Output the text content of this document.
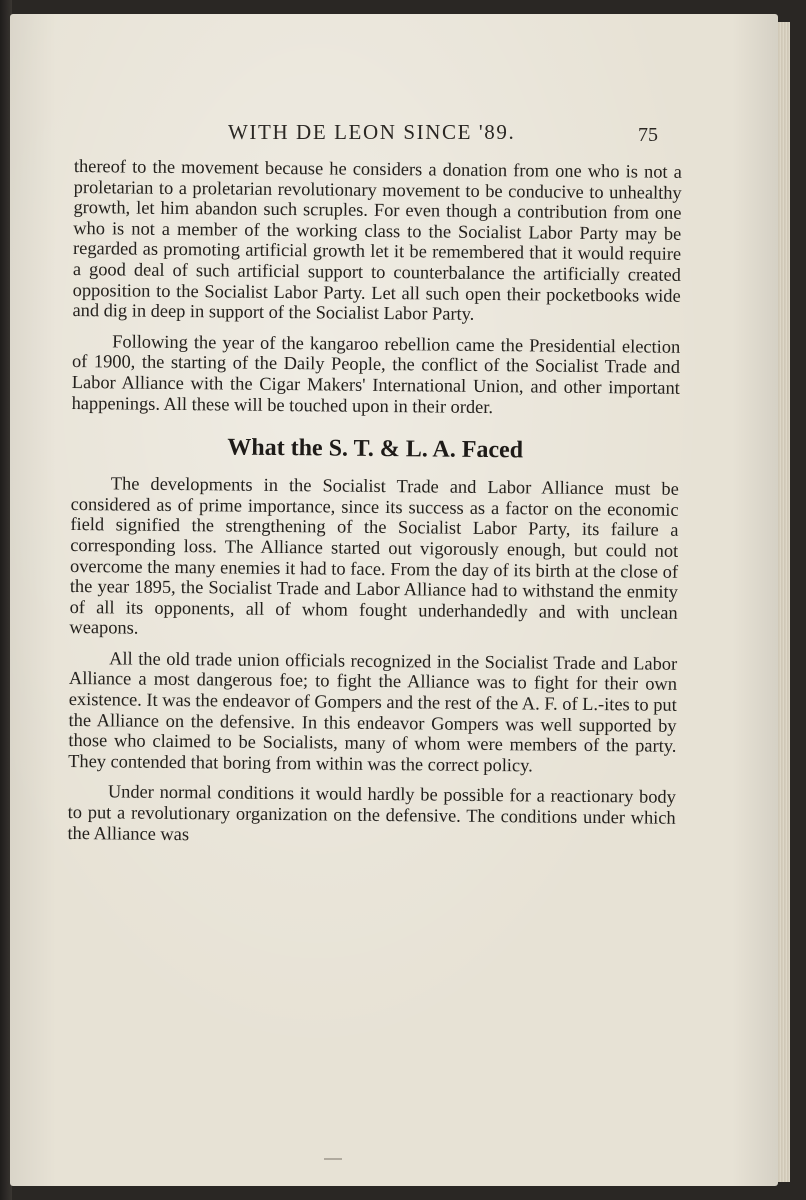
WITH DE LEON SINCE '89.	75

thereof to the movement because he considers a donation from one who is not a proletarian to a proletarian revolutionary movement to be conducive to unhealthy growth, let him abandon such scruples. For even though a contribution from one who is not a member of the working class to the Socialist Labor Party may be regarded as promoting artificial growth let it be remembered that it would require a good deal of such artificial support to counterbalance the artificially created opposition to the Socialist Labor Party. Let all such open their pocketbooks wide and dig in deep in support of the Socialist Labor Party.

Following the year of the kangaroo rebellion came the Presidential election of 1900, the starting of the Daily People, the conflict of the Socialist Trade and Labor Alliance with the Cigar Makers' International Union, and other important happenings. All these will be touched upon in their order.

What the S. T. & L. A. Faced

The developments in the Socialist Trade and Labor Alliance must be considered as of prime importance, since its success as a factor on the economic field signified the strengthening of the Socialist Labor Party, its failure a corresponding loss. The Alliance started out vigorously enough, but could not overcome the many enemies it had to face. From the day of its birth at the close of the year 1895, the Socialist Trade and Labor Alliance had to withstand the enmity of all its opponents, all of whom fought underhandedly and with unclean weapons.

All the old trade union officials recognized in the Socialist Trade and Labor Alliance a most dangerous foe; to fight the Alliance was to fight for their own existence. It was the endeavor of Gompers and the rest of the A. F. of L.-ites to put the Alliance on the defensive. In this endeavor Gompers was well supported by those who claimed to be Socialists, many of whom were members of the party. They contended that boring from within was the correct policy.

Under normal conditions it would hardly be possible for a reactionary body to put a revolutionary organization on the defensive. The conditions under which the Alliance was
